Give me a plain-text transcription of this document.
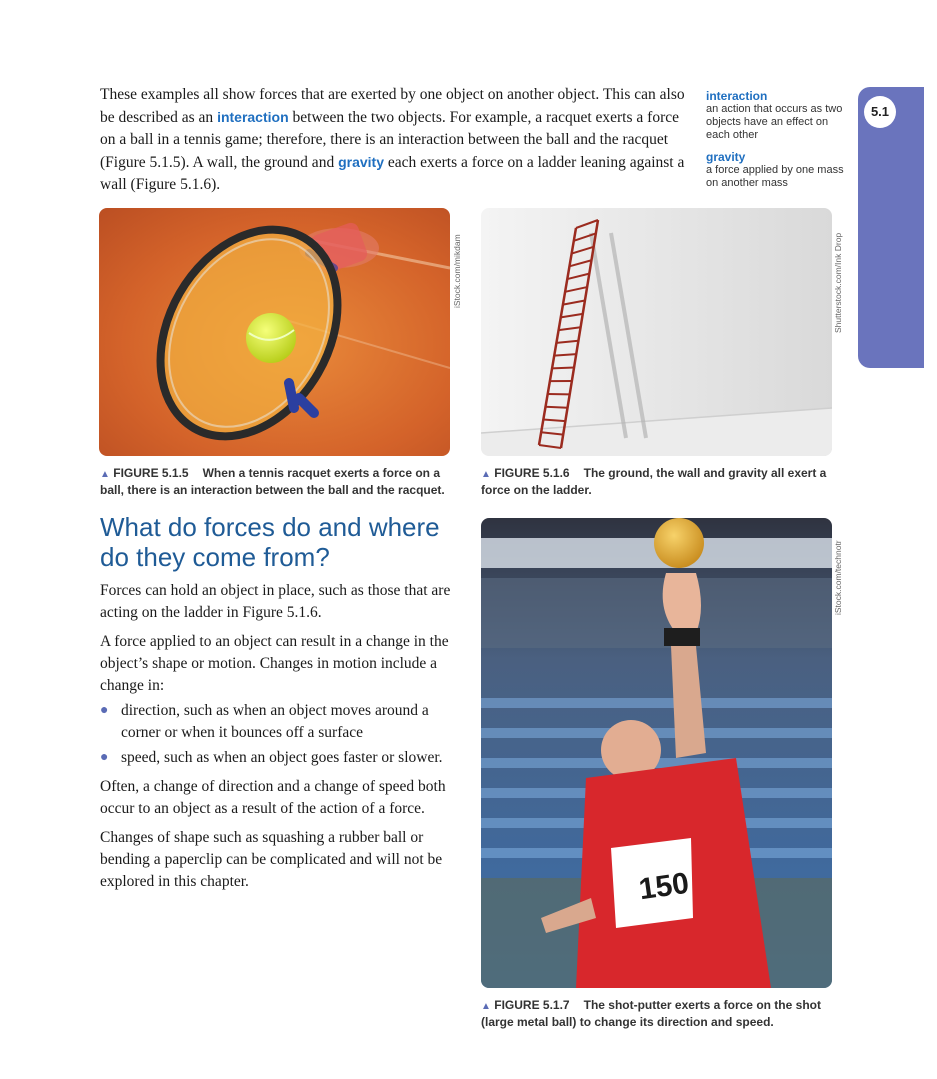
These examples all show forces that are exerted by one object on another object. This can also be described as an interaction between the two objects. For example, a racquet exerts a force on a ball in a tennis game; therefore, there is an interaction between the ball and the racquet (Figure 5.1.5). A wall, the ground and gravity each exerts a force on a ladder leaning against a wall (Figure 5.1.6).
interaction
an action that occurs as two objects have an effect on each other
gravity
a force applied by one mass on another mass
5.1
iStock.com/mikdam
▲ FIGURE 5.1.5 When a tennis racquet exerts a force on a ball, there is an interaction between the ball and the racquet.
Shutterstock.com/Ink Drop
▲ FIGURE 5.1.6 The ground, the wall and gravity all exert a force on the ladder.
What do forces do and where do they come from?
Forces can hold an object in place, such as those that are acting on the ladder in Figure 5.1.6.
A force applied to an object can result in a change in the object’s shape or motion. Changes in motion include a change in:
● direction, such as when an object moves around a corner or when it bounces off a surface
● speed, such as when an object goes faster or slower.
Often, a change of direction and a change of speed both occur to an object as a result of the action of a force.
Changes of shape such as squashing a rubber ball or bending a paperclip can be complicated and will not be explored in this chapter.	150
iStock.com/technotr
▲ FIGURE 5.1.7 The shot-putter exerts a force on the shot (large metal ball) to change its direction and speed.
